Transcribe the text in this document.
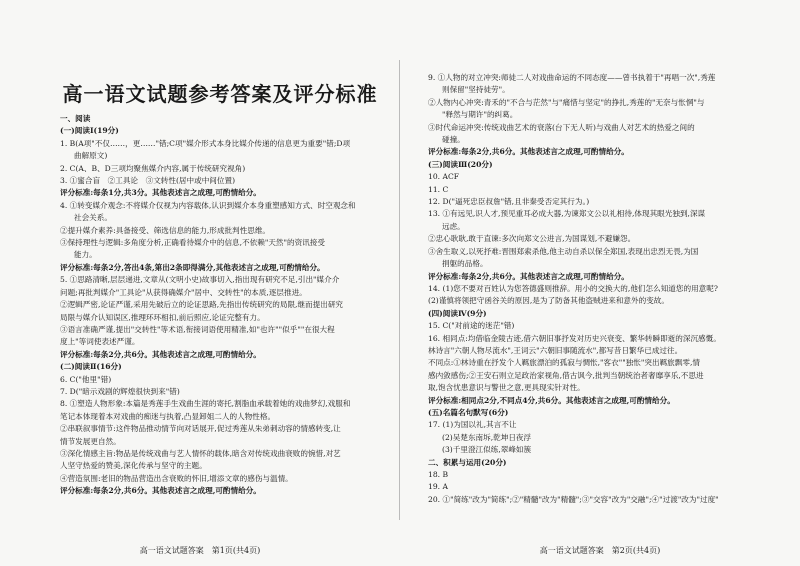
高一语文试题参考答案及评分标准
一、阅读
(一)阅读Ⅰ(19分)
1. B(A项"不仅……，更……"错;C项"媒介形式本身比媒介传递的信息更为重要"错;D项
曲解原文)
2. C(A、B、D三项均聚焦媒介内容,属于传统研究视角)
3. ①蜜合盲　②工具论　③文转性(居中或中间位置)
评分标准:每条1分,共3分。其他表述言之成理,可酌情给分。
4. ①转变媒介观念:不将媒介仅视为内容载体,认识到媒介本身重塑感知方式、时空观念和
社会关系。
②提升媒介素养:具备接受、筛选信息的能力,形成批判性思维。
③保持理性与逻辑:多角度分析,正确看待媒介中的信息,不依赖"天然"的资讯接受
能力。
评分标准:每条2分,答出4条,第出2条即得满分,其他表述言之成理,可酌情给分。
5. ①思路清晰,层层递进,文章从(文明小史)故事切入,指出现有研究不足,引出"媒介介
问题;再批判媒介"工具论"从获得确媒介"居中、交转性"的本质,逐层推进。
②逻辑严密,论证严谨,采用先破后立的论证思路,先指出传统研究的局限,继而提出研究
局限与媒介认知误区,推理环环相扣,前后照应,论证完整有力。
③语言准确严谨,提出"交转性"等术语,衔接词语使用精准,如"也许""似乎""在很大程
度上"等词使表述严谨。
评分标准:每条2分,共6分。其他表述言之成理,可酌情给分。
(二)阅读Ⅱ(16分)
6. C("他里"错)
7. D("暗示戏剧的辉煌很快到来"错)
8. ①塑造人物形象:本篇是秀莲手生戏曲生涯的寄托,割脂血承载着她的戏曲梦幻,戏服和
笔记本体现着本对戏曲的痴迷与执着,凸显卸姐二人的人物性格。
②串联叙事情节:这件物品推动情节向对话展开,促过秀莲从朱弟刺动容的情感转变,让
情节发展更自然。
③深化情感主旨:物品是传统戏曲与艺人情怀的载体,暗含对传统戏曲衰败的惋惜,对艺
人坚守热爱的赞美,深化传承与坚守的主题。
④营造氛围:老旧的物品营造出含衰败的怀旧,增添文章的感伤与温情。
评分标准:每条2分,共6分。其他表述言之成理,可酌情给分。
高一语文试题答案　第1页(共4页)
9. ①人物的对立冲突:师徒二人对戏曲命运的不同态度——曾书执着于"再唱一次",秀莲
则保留"坚持徒劳"。
②人物内心冲突:青禾的"不合与茫然"与"痛惜与坚定"的挣扎,秀莲的"无奈与怅惘"与
"释然与期许"的纠葛。
③时代命运冲突:传统戏曲艺术的衰落(台下无人听)与戏曲人对艺术的热爱之间的
碰撞。
评分标准:每条2分,共6分。其他表述言之成理,可酌情给分。
(三)阅读Ⅲ(20分)
10. ACF
11. C
12. D("逼死忠臣叔詹"错,且非秦受否定其行为。)
13. ①有远见,识人才,预见重耳必成大器,为谏郑文公以礼相待,体现其眼光独到,深谋
远虑。
②忠心耿耿,敢于直谏:多次向郑文公进言,为国谋划,不避嫌怨。
③舍生取义,以死抒难:晋围郑索杀他,他主动自杀以保全郑国,表现出忠烈无畏,为国
捐躯的品格。
评分标准:每条2分,共6分。其他表述言之成理,可酌情给分。
14. (1)您不要对百姓认为您答德盛则推辞。用小的交换大的,他们怎么知道您的用意呢?
(2)谨慎将领把守函谷关的原因,是为了防备其他盗贼进来和意外的变故。
(四)阅读Ⅳ(9分)
15. C("对前途的迷茫"错)
16. 相同点:均借临金陵古迹,借六朝旧事抒发对历史兴衰变、繁华转瞬即逝的深沉感慨。
林诗言"六朝人物尽流水",王词云"六朝旧事随流水",都写昔日繁华已成过往。
不同点:①林诗重在抒发个人羁旅漂泊的孤寂与惆怅,"客衣""独怅"突出羁旅飘零,情
感内敛感伤;②王安石则立足政治家视角,借古讽今,批判当朝统治者奢靡享乐,不思进
取,饱含忧患意识与警世之意,更具现实针对性。
评分标准:相同点2分,不同点4分,共6分。其他表述言之成理,可酌情给分。
(五)名篇名句默写(6分)
17. (1)为国以礼,其言不让
(2)吴楚东南坼,乾坤日夜浮
(3)千里澄江似练,翠峰如簇
二、积累与运用(20分)
18. B
19. A
20. ①"简练"改为"简练";②"精髓"改为"精髓";③"交容"改为"交融";④"过渡"改为"过度"
高一语文试题答案　第2页(共4页)
